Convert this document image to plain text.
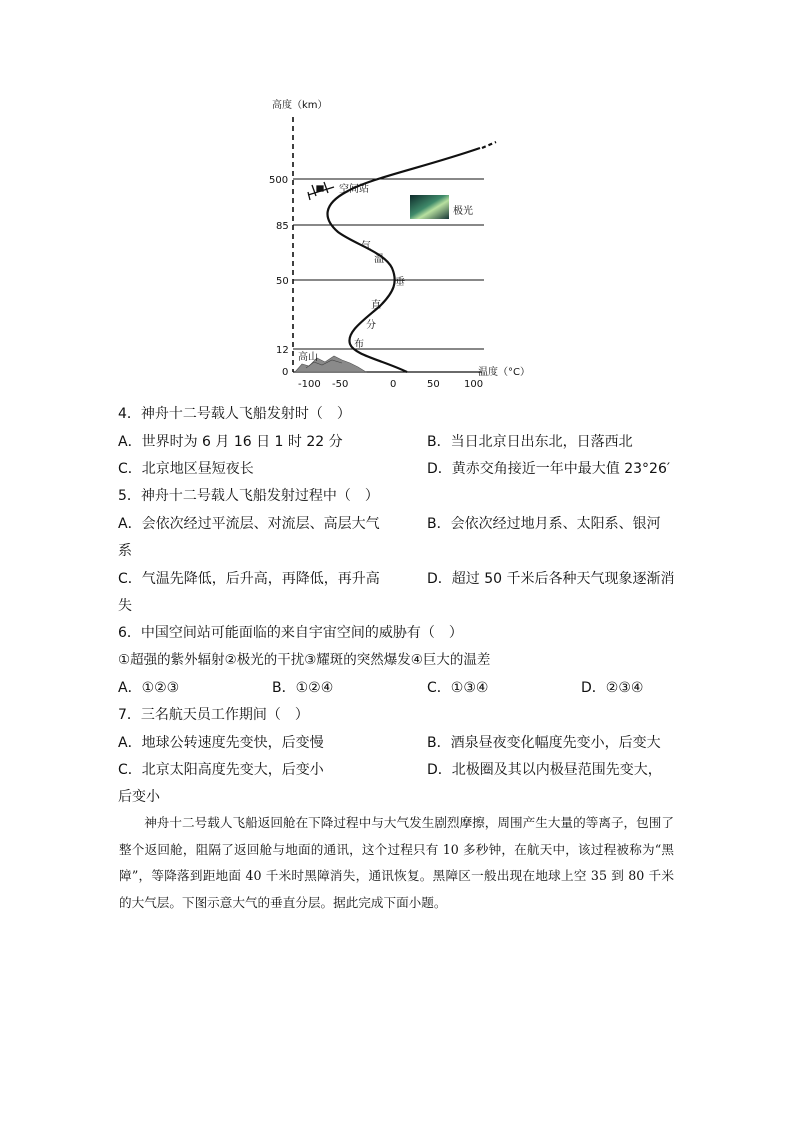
高度（km）
温度（°C）
500
85
50
12
0
-100 -50	0	50 100
高山
气
温
垂
直
分
布
空间站
极光
4．神舟十二号载人飞船发射时（　）
A．世界时为 6 月 16 日 1 时 22 分	B．当日北京日出东北，日落西北
C．北京地区昼短夜长	D．黄赤交角接近一年中最大值 23°26′
5．神舟十二号载人飞船发射过程中（　）
A．会依次经过平流层、对流层、高层大气
系
B．会依次经过地月系、太阳系、银河
C．气温先降低，后升高，再降低，再升高
失
D．超过 50 千米后各种天气现象逐渐消
6．中国空间站可能面临的来自宇宙空间的威胁有（　）
①超强的紫外辐射②极光的干扰③耀斑的突然爆发④巨大的温差
A．①②③	B．①②④	C．①③④	D．②③④
7．三名航天员工作期间（　）
A．地球公转速度先变快，后变慢	B．酒泉昼夜变化幅度先变小，后变大
C．北京太阳高度先变大，后变小	D．北极圈及其以内极昼范围先变大，
后变小

神舟十二号载人飞船返回舱在下降过程中与大气发生剧烈摩擦，周围产生大量的等离子，包围了整个返回舱，阻隔了返回舱与地面的通讯，这个过程只有 10 多秒钟，在航天中，该过程被称为“黑障”，等降落到距地面 40 千米时黑障消失，通讯恢复。黑障区一般出现在地球上空 35 到 80 千米的大气层。下图示意大气的垂直分层。据此完成下面小题。
